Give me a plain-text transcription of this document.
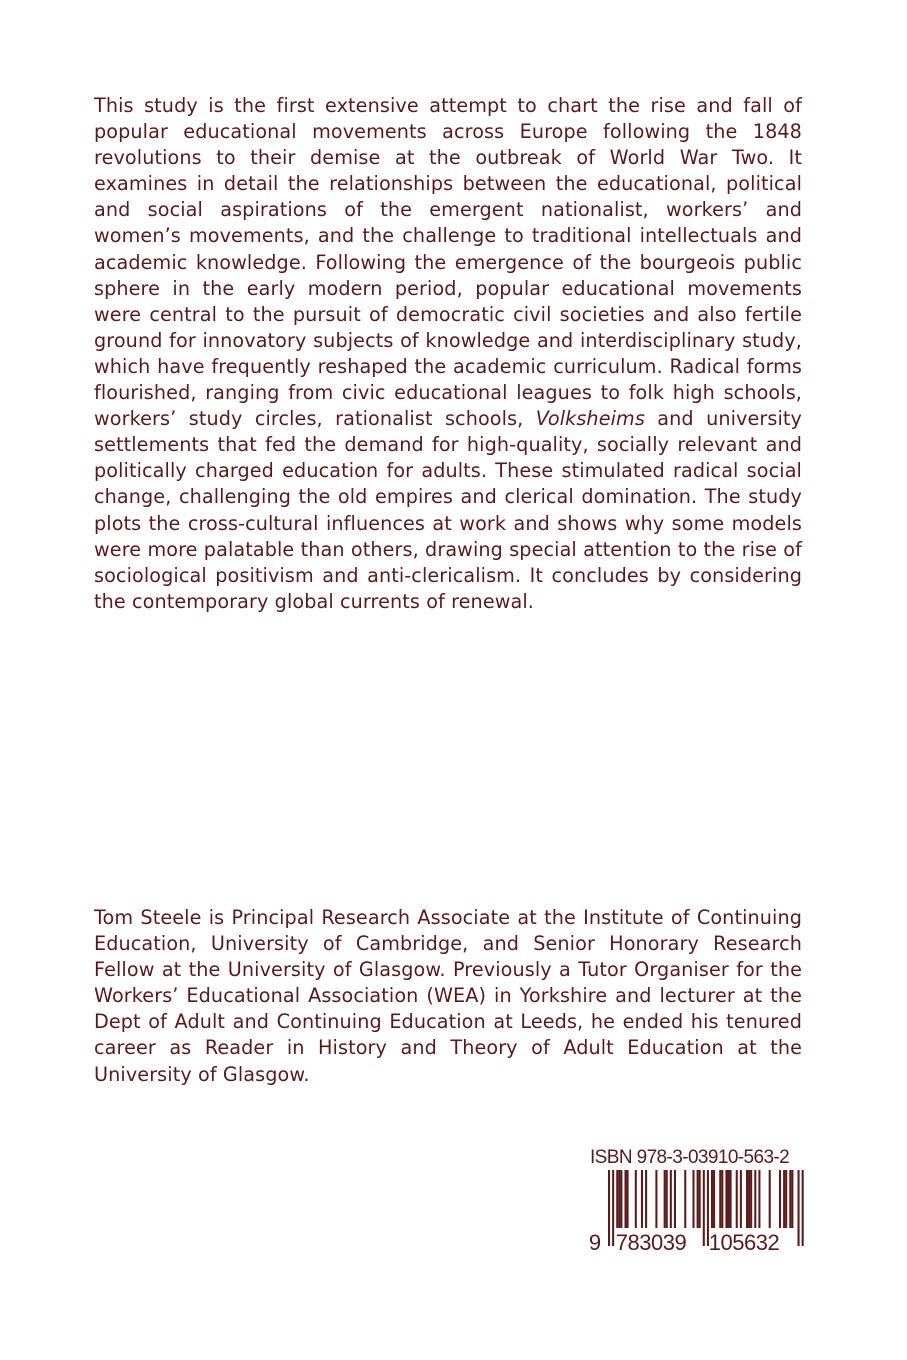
This study is the first extensive attempt to chart the rise and fall of popular educational movements across Europe following the 1848 revolutions to their demise at the outbreak of World War Two. It examines in detail the relationships between the educational, political and social aspirations of the emergent nationalist, workers’ and women’s movements, and the challenge to traditional intellectuals and academic knowledge. Following the emergence of the bourgeois public sphere in the early modern period, popular educational movements were central to the pursuit of democratic civil societies and also fertile ground for innovatory subjects of knowledge and interdisciplinary study, which have frequently reshaped the academic curriculum. Radical forms flourished, ranging from civic educational leagues to folk high schools, workers’ study circles, rationalist schools, Volksheims and university settlements that fed the demand for high-quality, socially relevant and politically charged education for adults. These stimulated radical social change, challenging the old empires and clerical domination. The study plots the cross-cultural influences at work and shows why some models were more palatable than others, drawing special attention to the rise of sociological positivism and anti-clericalism. It concludes by considering the contemporary global currents of renewal.

Tom Steele is Principal Research Associate at the Institute of Continuing Education, University of Cambridge, and Senior Honorary Research Fellow at the University of Glasgow. Previously a Tutor Organiser for the Workers’ Educational Association (WEA) in Yorkshire and lecturer at the Dept of Adult and Continuing Education at Leeds, he ended his tenured career as Reader in History and Theory of Adult Education at the University of Glasgow.

ISBN 978-3-03910-563-2

9 783039 105632
